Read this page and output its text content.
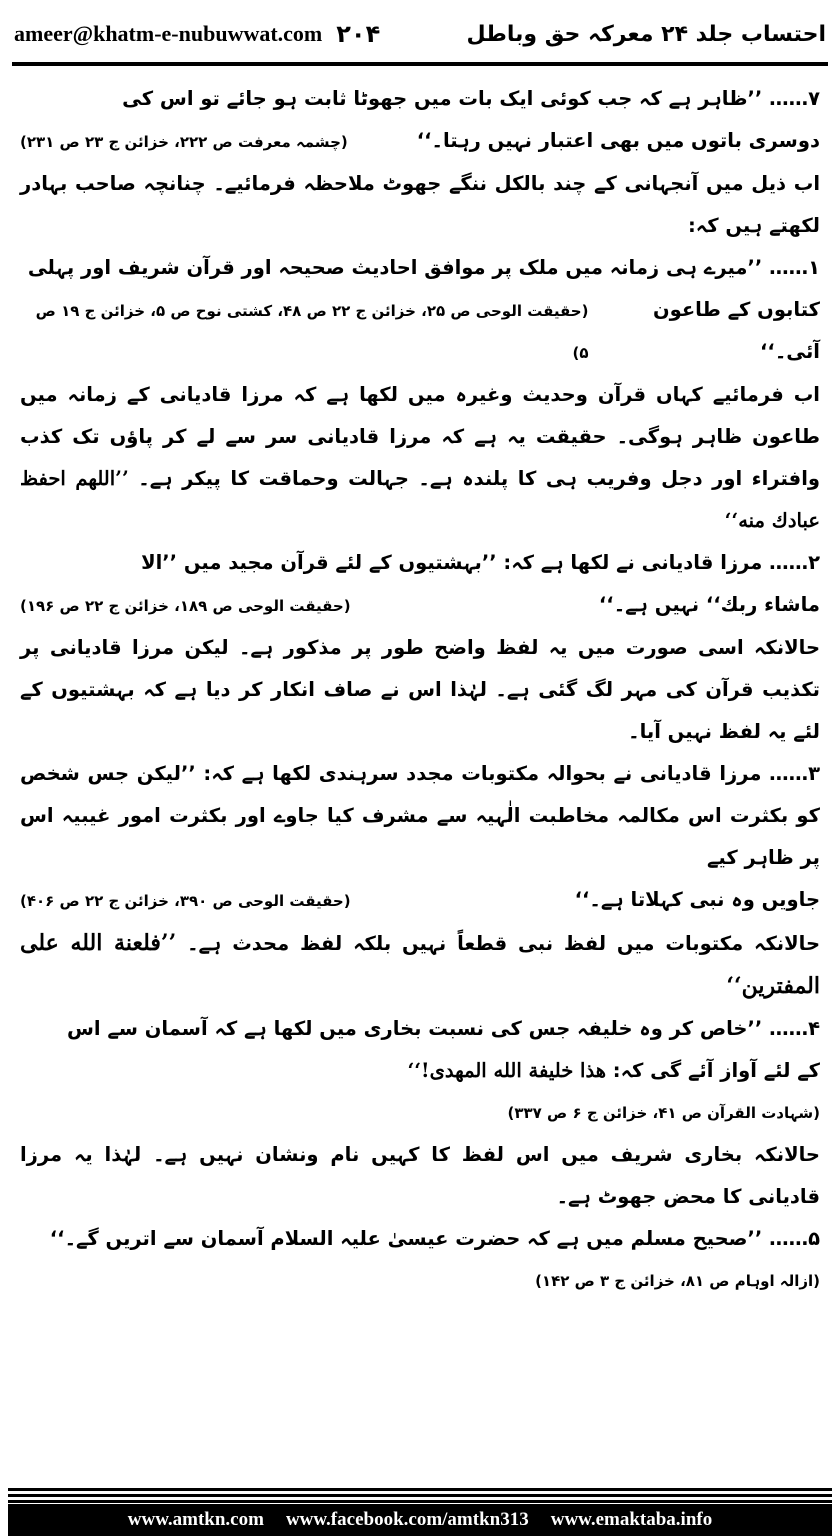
ameer@khatm-e-nubuwwat.com ۲۰۴	احتساب جلد ۲۴ معرکہ حق وباطل

۷…… ’’ظاہر ہے کہ جب کوئی ایک بات میں جھوٹا ثابت ہو جائے تو اس کی

دوسری باتوں میں بھی اعتبار نہیں رہتا۔‘‘
(چشمہ معرفت ص ۲۲۲، خزائن ج ۲۳ ص ۲۳۱)

اب ذیل میں آنجہانی کے چند بالکل ننگے جھوٹ ملاحظہ فرمائیے۔ چنانچہ صاحب بہادر لکھتے ہیں کہ:

۱…… ’’میرے ہی زمانہ میں ملک پر موافق احادیث صحیحہ اور قرآن شریف اور پہلی

کتابوں کے طاعون آئی۔‘‘
(حقیقت الوحی ص ۲۵، خزائن ج ۲۲ ص ۴۸، کشتی نوح ص ۵، خزائن ج ۱۹ ص ۵)

اب فرمائیے کہاں قرآن وحدیث وغیرہ میں لکھا ہے کہ مرزا قادیانی کے زمانہ میں طاعون ظاہر ہوگی۔ حقیقت یہ ہے کہ مرزا قادیانی سر سے لے کر پاؤں تک کذب وافتراء اور دجل وفریب ہی کا پلندہ ہے۔ جہالت وحماقت کا پیکر ہے۔ ’’اللهم احفظ عبادك منه‘‘

۲…… مرزا قادیانی نے لکھا ہے کہ: ’’بہشتیوں کے لئے قرآن مجید میں ’’الا

ماشاء ربك‘‘ نہیں ہے۔‘‘
(حقیقت الوحی ص ۱۸۹، خزائن ج ۲۲ ص ۱۹۶)

حالانکہ اسی صورت میں یہ لفظ واضح طور پر مذکور ہے۔ لیکن مرزا قادیانی پر تکذیب قرآن کی مہر لگ گئی ہے۔ لہٰذا اس نے صاف انکار کر دیا ہے کہ بہشتیوں کے لئے یہ لفظ نہیں آیا۔

۳…… مرزا قادیانی نے بحوالہ مکتوبات مجدد سرہندی لکھا ہے کہ: ’’لیکن جس شخص کو بکثرت اس مکالمہ مخاطبت الٰہیہ سے مشرف کیا جاوے اور بکثرت امور غیبیہ اس پر ظاہر کیے

جاویں وہ نبی کہلاتا ہے۔‘‘
(حقیقت الوحی ص ۳۹۰، خزائن ج ۲۲ ص ۴۰۶)

حالانکہ مکتوبات میں لفظ نبی قطعاً نہیں بلکہ لفظ محدث ہے۔ ’’فلعنة الله على المفترين‘‘

۴…… ’’خاص کر وہ خلیفہ جس کی نسبت بخاری میں لکھا ہے کہ آسمان سے اس

کے لئے آواز آئے گی کہ: هذا خليفة الله المهدى!‘‘

(شہادت القرآن ص ۴۱، خزائن ج ۶ ص ۳۳۷)

حالانکہ بخاری شریف میں اس لفظ کا کہیں نام ونشان نہیں ہے۔ لہٰذا یہ مرزا قادیانی کا محض جھوٹ ہے۔

۵…… ’’صحیح مسلم میں ہے کہ حضرت عیسیٰ علیہ السلام آسمان سے اتریں گے۔‘‘

(ازالہ اوہام ص ۸۱، خزائن ج ۳ ص ۱۴۲)

www.amtkn.com www.facebook.com/amtkn313 www.emaktaba.info
